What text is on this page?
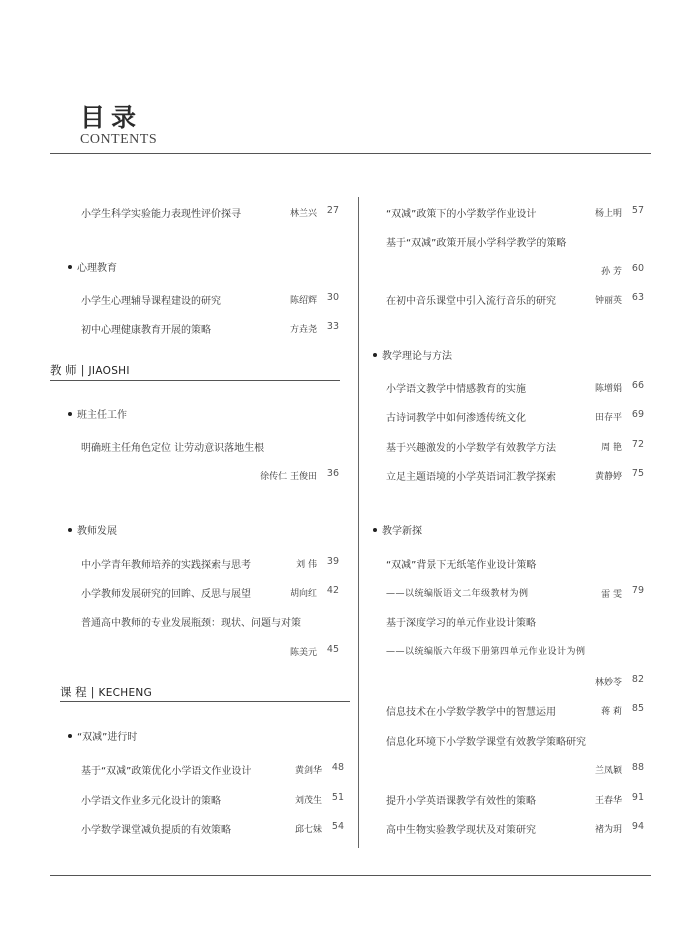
目录
CONTENTS
小学生科学实验能力表现性评价探寻	林兰兴	27
心理教育
小学生心理辅导课程建设的研究	陈绍辉	30
初中心理健康教育开展的策略	方垚尧	33
教 师 | JIAOSHI
班主任工作
明确班主任角色定位 让劳动意识落地生根
徐传仁 王俊田	36
教师发展
中小学青年教师培养的实践探索与思考	刘 伟	39
小学教师发展研究的回眸、反思与展望	胡向红	42
普通高中教师的专业发展瓶颈：现状、问题与对策
陈美元	45
课 程 | KECHENG
“双减”进行时
基于“双减”政策优化小学语文作业设计	黄剑华	48
小学语文作业多元化设计的策略	刘茂生	51
小学数学课堂减负提质的有效策略	邱七妹	54
“双减”政策下的小学数学作业设计	杨上明	57
基于“双减”政策开展小学科学教学的策略
孙 芳	60
在初中音乐课堂中引入流行音乐的研究	钟丽英	63
教学理论与方法
小学语文教学中情感教育的实施	陈增娟	66
古诗词教学中如何渗透传统文化	田存平	69
基于兴趣激发的小学数学有效教学方法	周 艳	72
立足主题语境的小学英语词汇教学探索	黄静婷	75
教学新探
“双减”背景下无纸笔作业设计策略
——以统编版语文二年级教材为例	雷 雯	79
基于深度学习的单元作业设计策略
——以统编版六年级下册第四单元作业设计为例
林妙苓	82
信息技术在小学数学教学中的智慧运用	蒋 莉	85
信息化环境下小学数学课堂有效教学策略研究
兰凤颖	88
提升小学英语课教学有效性的策略	王春华	91
高中生物实验教学现状及对策研究	褚为玥	94
